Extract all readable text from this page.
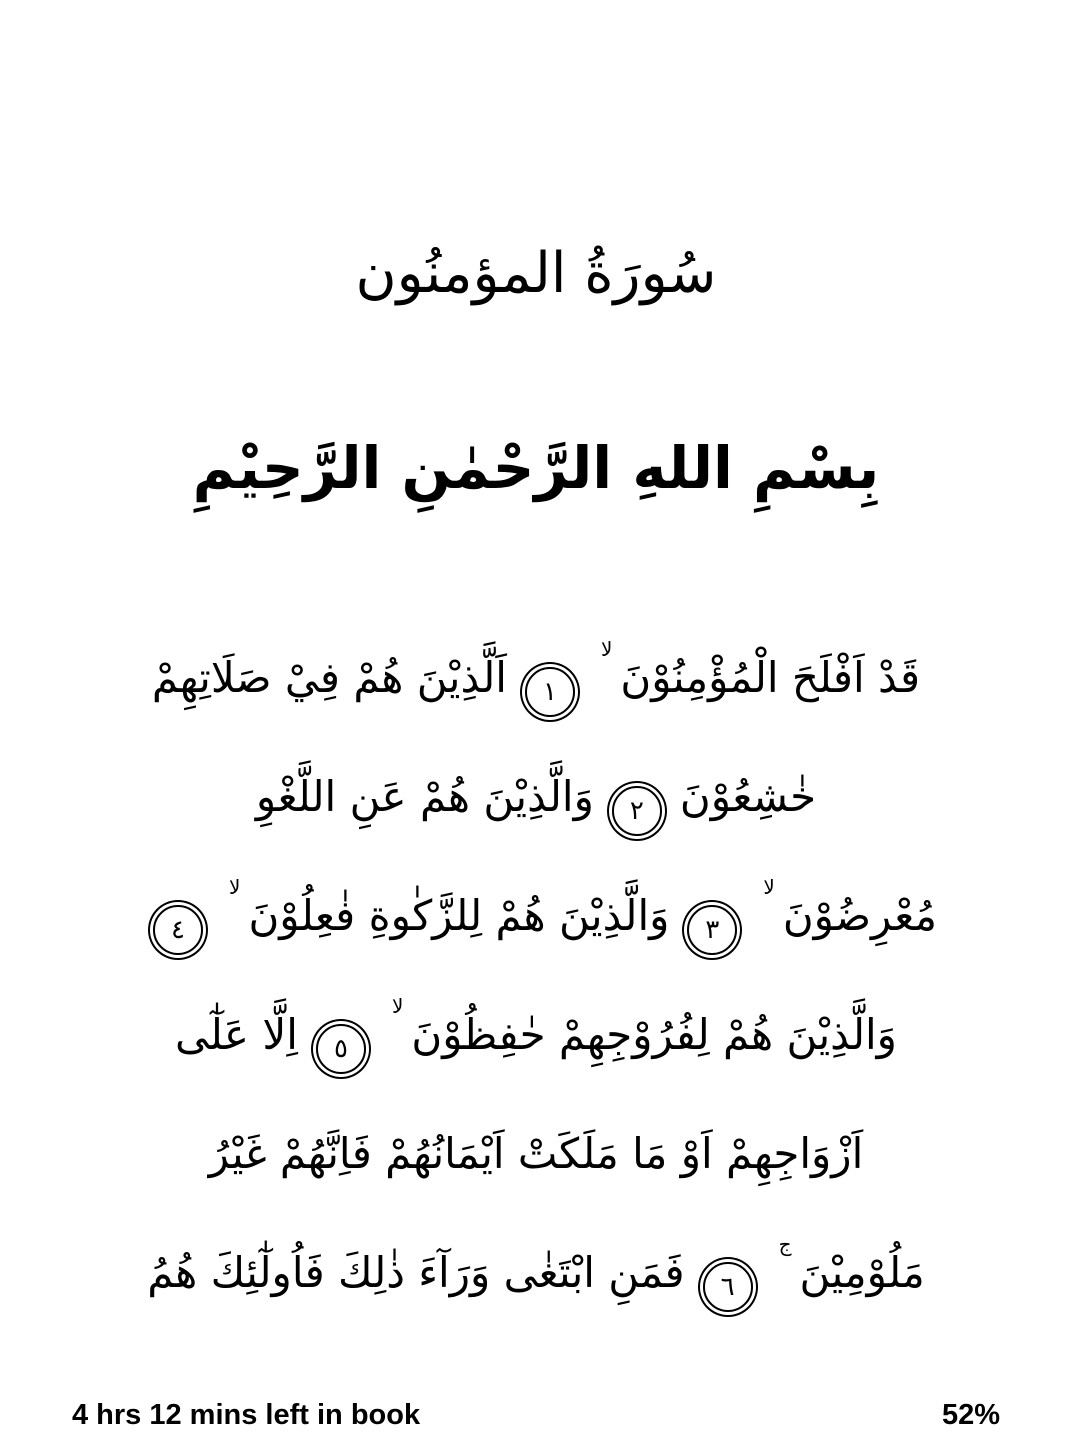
سُورَةُ المؤمنُون
بِسْمِ اللهِ الرَّحْمٰنِ الرَّحِيْمِ
قَدْ اَفْلَحَ الْمُؤْمِنُوْنَلا
١
اَلَّذِيْنَ هُمْ فِيْ صَلَاتِهِمْ
خٰشِعُوْنَ
٢
وَالَّذِيْنَ هُمْ عَنِ اللَّغْوِ
مُعْرِضُوْنَلا
٣
وَالَّذِيْنَ هُمْ لِلزَّكٰوةِ فٰعِلُوْنَلا
٤
وَالَّذِيْنَ هُمْ لِفُرُوْجِهِمْ حٰفِظُوْنَلا
٥
اِلَّا عَلٰٓى
اَزْوَاجِهِمْ اَوْ مَا مَلَكَتْ اَيْمَانُهُمْ فَاِنَّهُمْ غَيْرُ
مَلُوْمِيْنَج
٦
فَمَنِ ابْتَغٰى وَرَآءَ ذٰلِكَ فَاُولٰٓئِكَ هُمُ
4 hrs 12 mins left in book	52%
